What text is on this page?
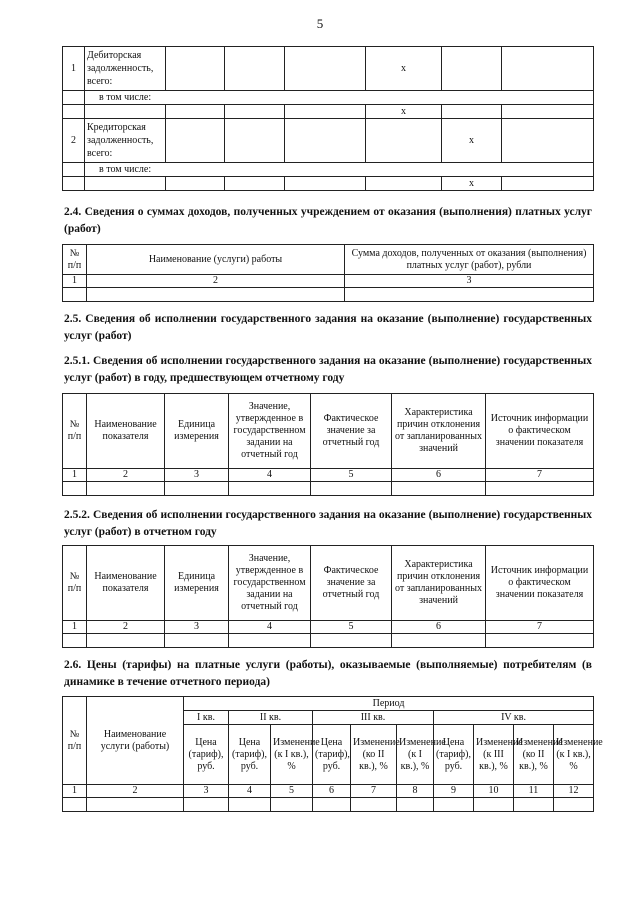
5
1	Дебиторская задолженность, всего:				x			
	в том числе:							
					x			
2	Кредиторская задолженность, всего:					x		
	в том числе:							
						x		
2.4. Сведения о суммах доходов, полученных учреждением от оказания (выполнения) платных услуг (работ)
№ п/п	Наименование (услуги) работы	Сумма доходов, полученных от оказания (выполнения) платных услуг (работ), рубли
1	2	3

2.5. Сведения об исполнении государственного задания на оказание (выполнение) государственных услуг (работ)
2.5.1. Сведения об исполнении государственного задания на оказание (выполнение) государственных услуг (работ) в году, предшествующем отчетному году
№ п/п	Наименование показателя	Единица измерения	Значение, утвержденное в государственном задании на отчетный год	Фактическое значение за отчетный год	Характеристика причин отклонения от запланированных значений	Источник информации о фактическом значении показателя
1	2	3	4	5	6	7

2.5.2. Сведения об исполнении государственного задания на оказание (выполнение) государственных услуг (работ) в отчетном году
№ п/п	Наименование показателя	Единица измерения	Значение, утвержденное в государственном задании на отчетный год	Фактическое значение за отчетный год	Характеристика причин отклонения от запланированных значений	Источник информации о фактическом значении показателя
1	2	3	4	5	6	7

2.6. Цены (тарифы) на платные услуги (работы), оказываемые (выполняемые) потребителям (в динамике в течение отчетного периода)
№ п/п	Наименование услуги (работы)	Период									
		I кв.	II кв.		III кв.			IV кв.			
		Цена (тариф), руб.	Цена (тариф), руб.	Изменение (к I кв.), %	Цена (тариф), руб.	Изменение (ко II кв.), %	Изменение (к I кв.), %	Цена (тариф), руб.	Изменение (к III кв.), %	Изменение (ко II кв.), %	Изменение (к I кв.), %
1	2	3	4	5	6	7	8	9	10	11	12
